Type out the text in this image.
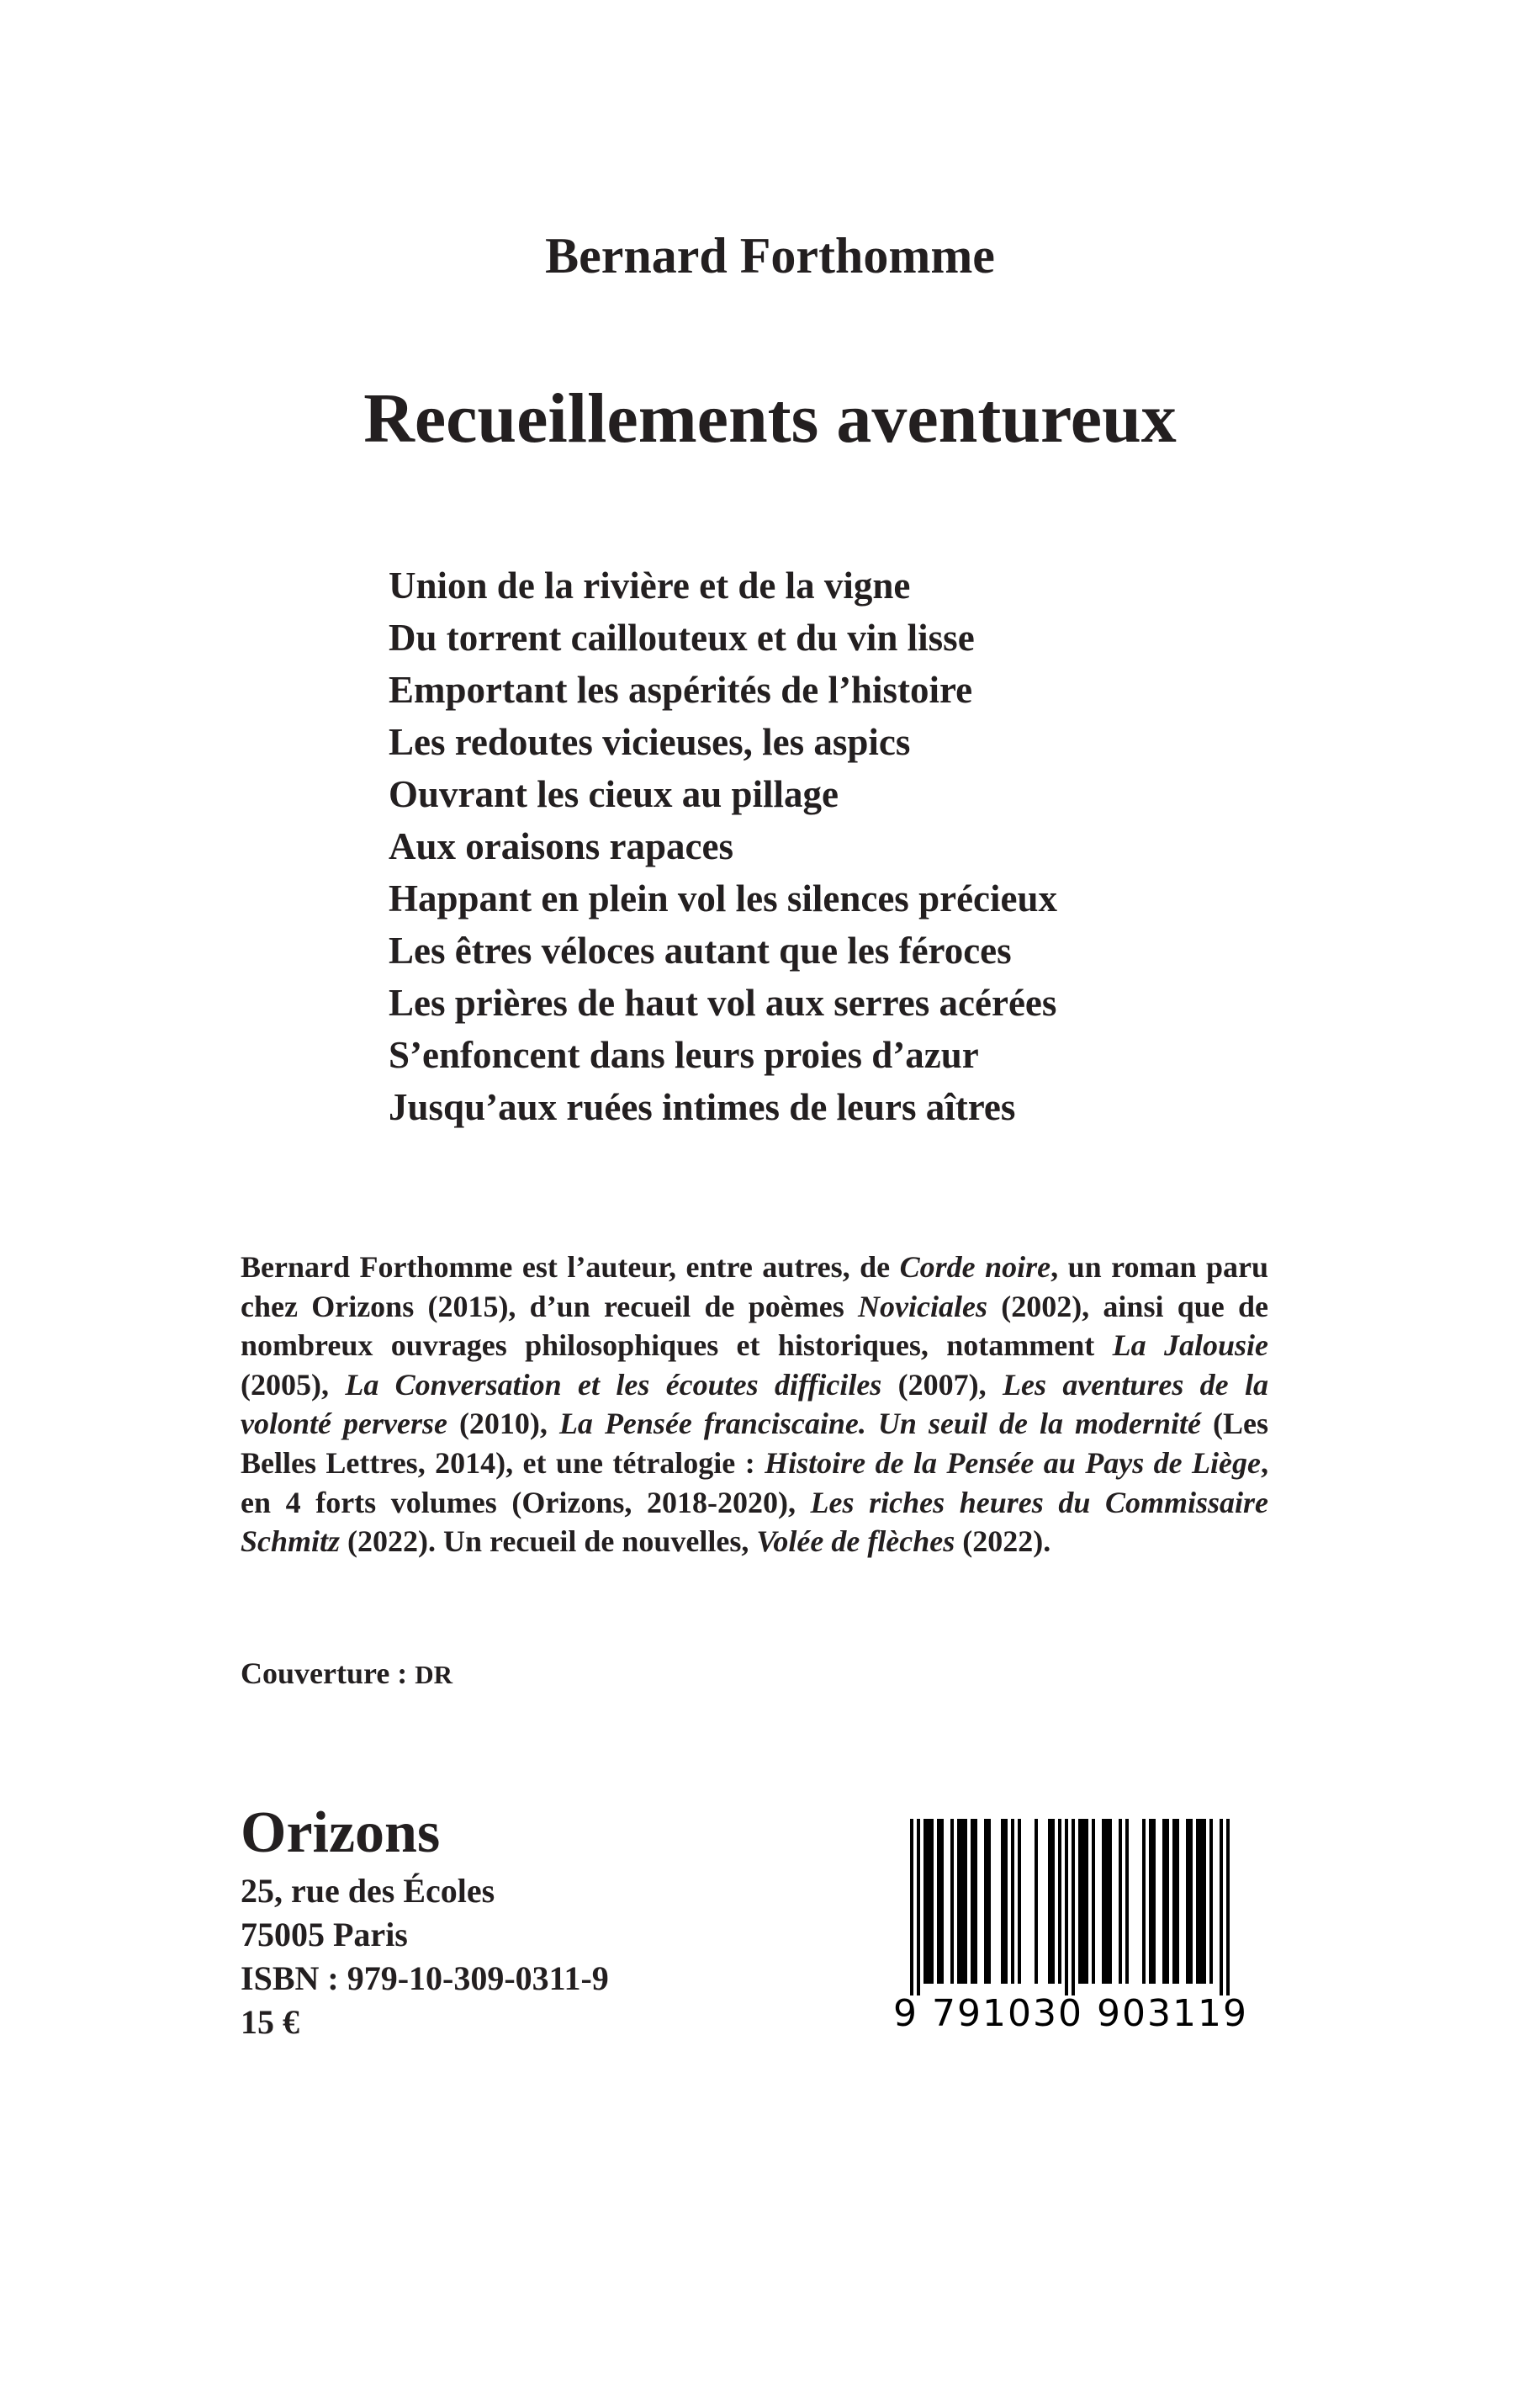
Bernard Forthomme
Recueillements aventureux
Union de la rivière et de la vigne
Du torrent caillouteux et du vin lisse
Emportant les aspérités de l’histoire
Les redoutes vicieuses, les aspics
Ouvrant les cieux au pillage
Aux oraisons rapaces
Happant en plein vol les silences précieux
Les êtres véloces autant que les féroces
Les prières de haut vol aux serres acérées
S’enfoncent dans leurs proies d’azur
Jusqu’aux ruées intimes de leurs aîtres
Bernard Forthomme est l’auteur, entre autres, de Corde noire, un roman paru chez Orizons (2015), d’un recueil de poèmes Noviciales (2002), ainsi que de nombreux ouvrages philosophiques et historiques, notamment La Jalousie (2005), La Conversation et les écoutes difficiles (2007), Les aventures de la volonté perverse (2010), La Pensée franciscaine. Un seuil de la modernité (Les Belles Lettres, 2014), et une tétralogie : Histoire de la Pensée au Pays de Liège, en 4 forts volumes (Orizons, 2018-2020), Les riches heures du Commissaire Schmitz (2022). Un recueil de nouvelles, Volée de flèches (2022).
Couverture : DR
Orizons
25, rue des Écoles
75005 Paris
ISBN : 979-10-309-0311-9
15 €	9 791030 903119
